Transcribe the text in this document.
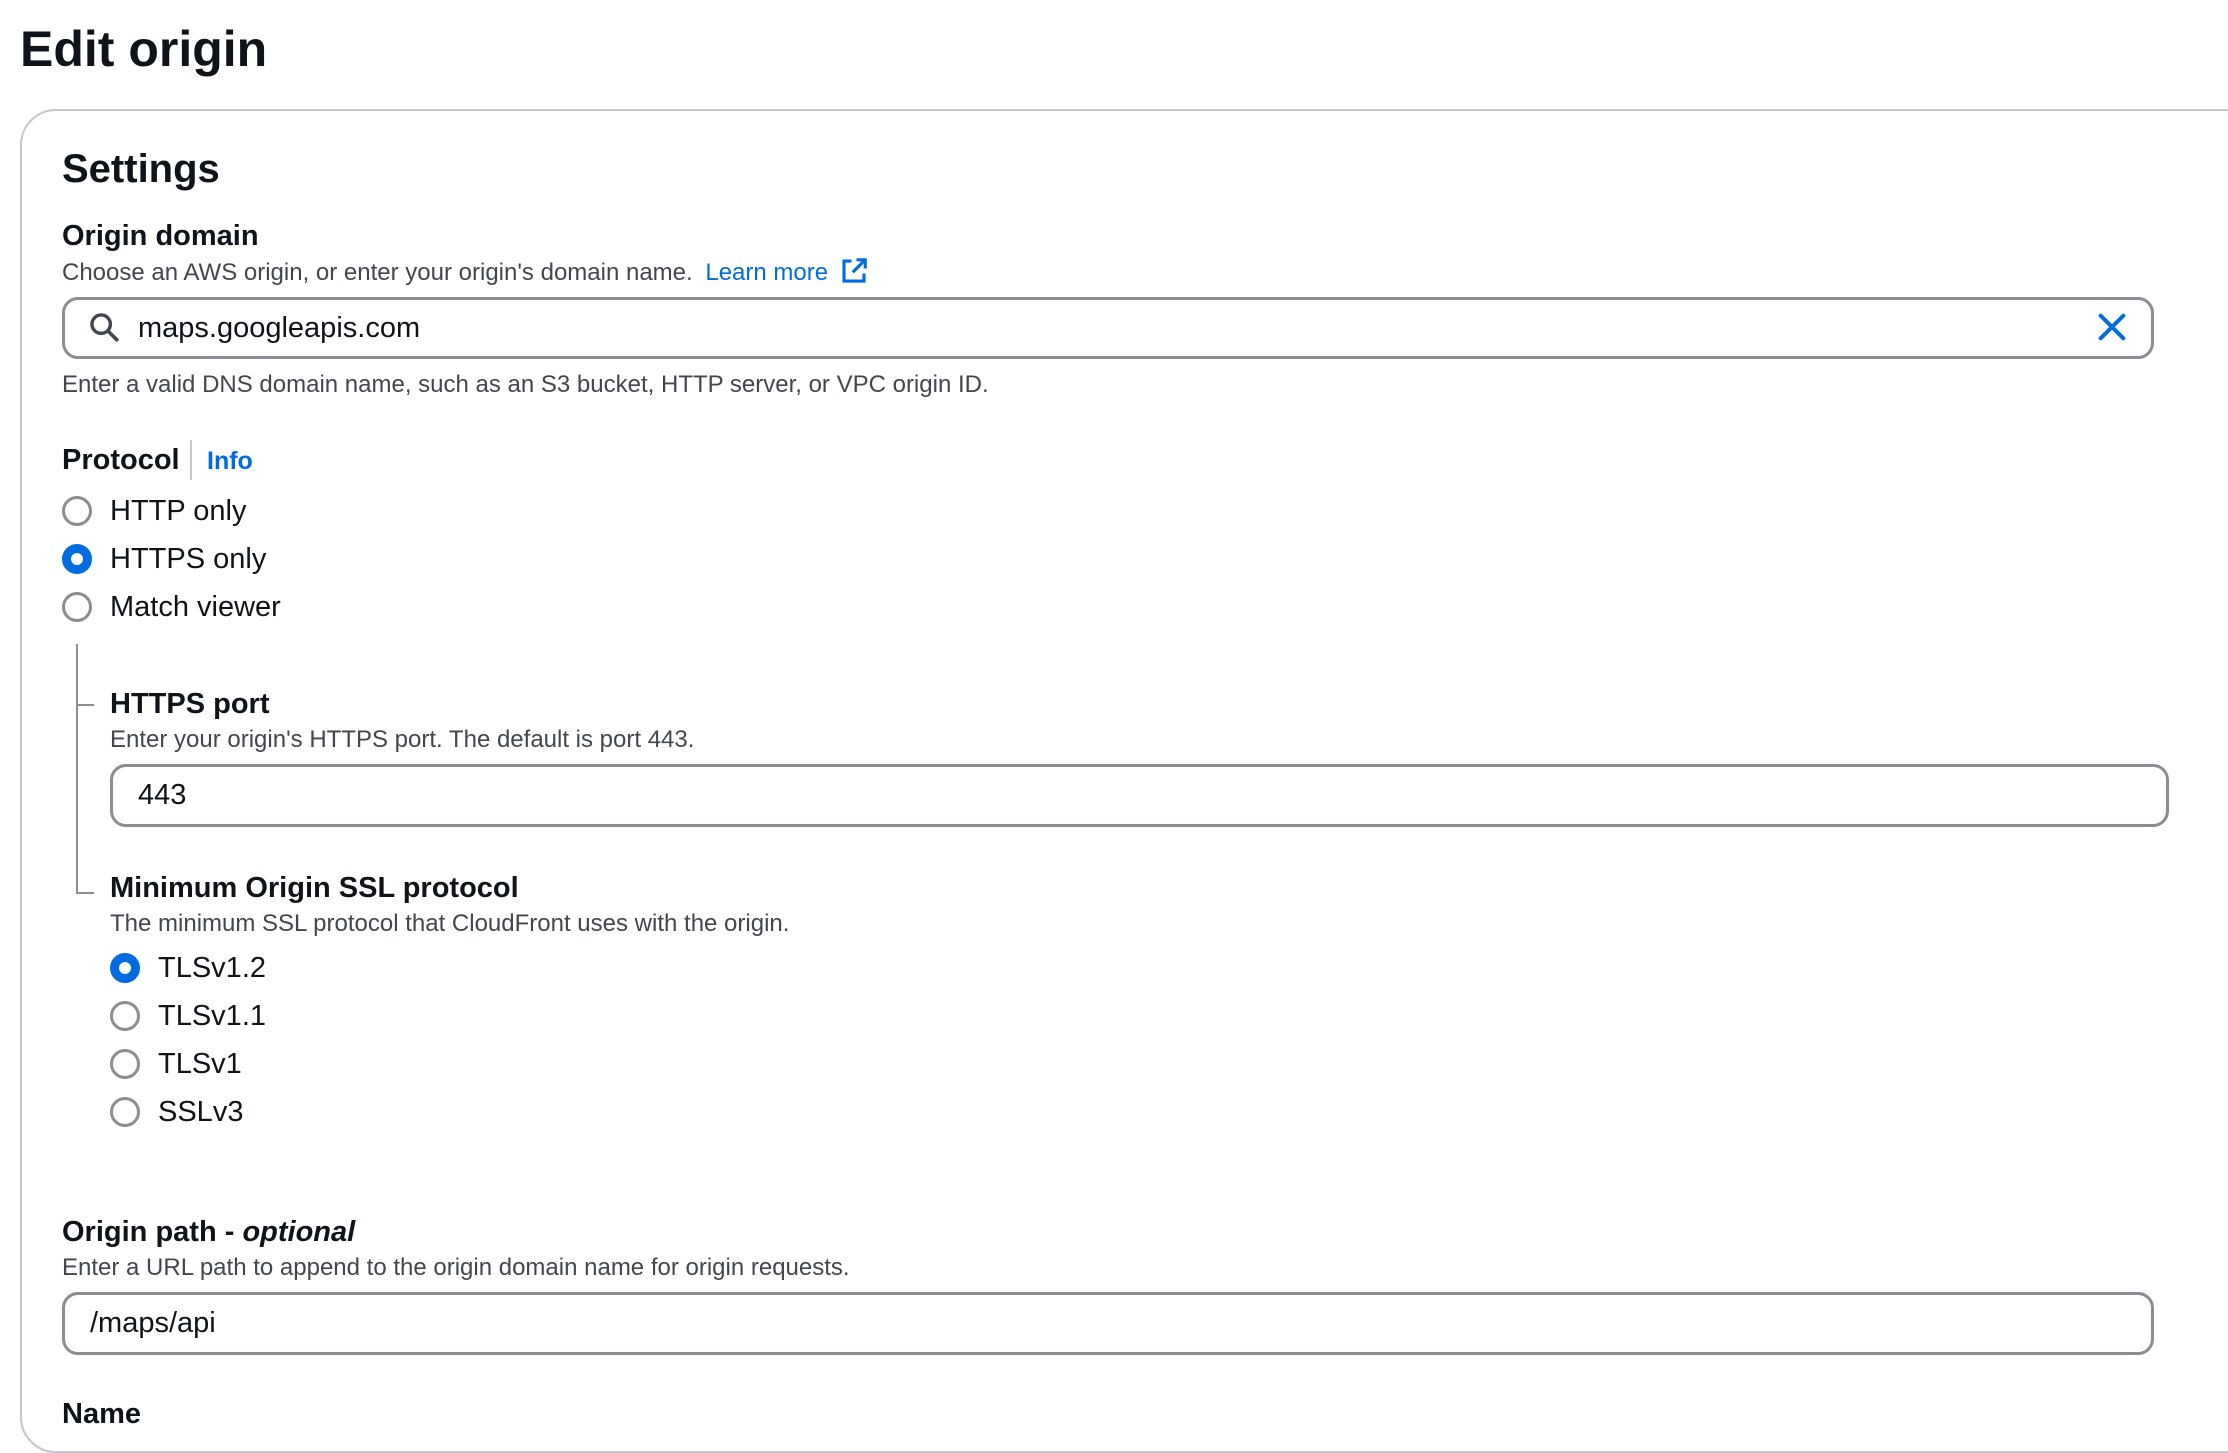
Edit origin
Settings
Origin domain
Choose an AWS origin, or enter your origin's domain name. Learn more
maps.googleapis.com
Enter a valid DNS domain name, such as an S3 bucket, HTTP server, or VPC origin ID.
Protocol Info
HTTP only
HTTPS only
Match viewer
HTTPS port
Enter your origin's HTTPS port. The default is port 443.
443
Minimum Origin SSL protocol
The minimum SSL protocol that CloudFront uses with the origin.
TLSv1.2
TLSv1.1
TLSv1
SSLv3
Origin path - optional
Enter a URL path to append to the origin domain name for origin requests.
/maps/api
Name
